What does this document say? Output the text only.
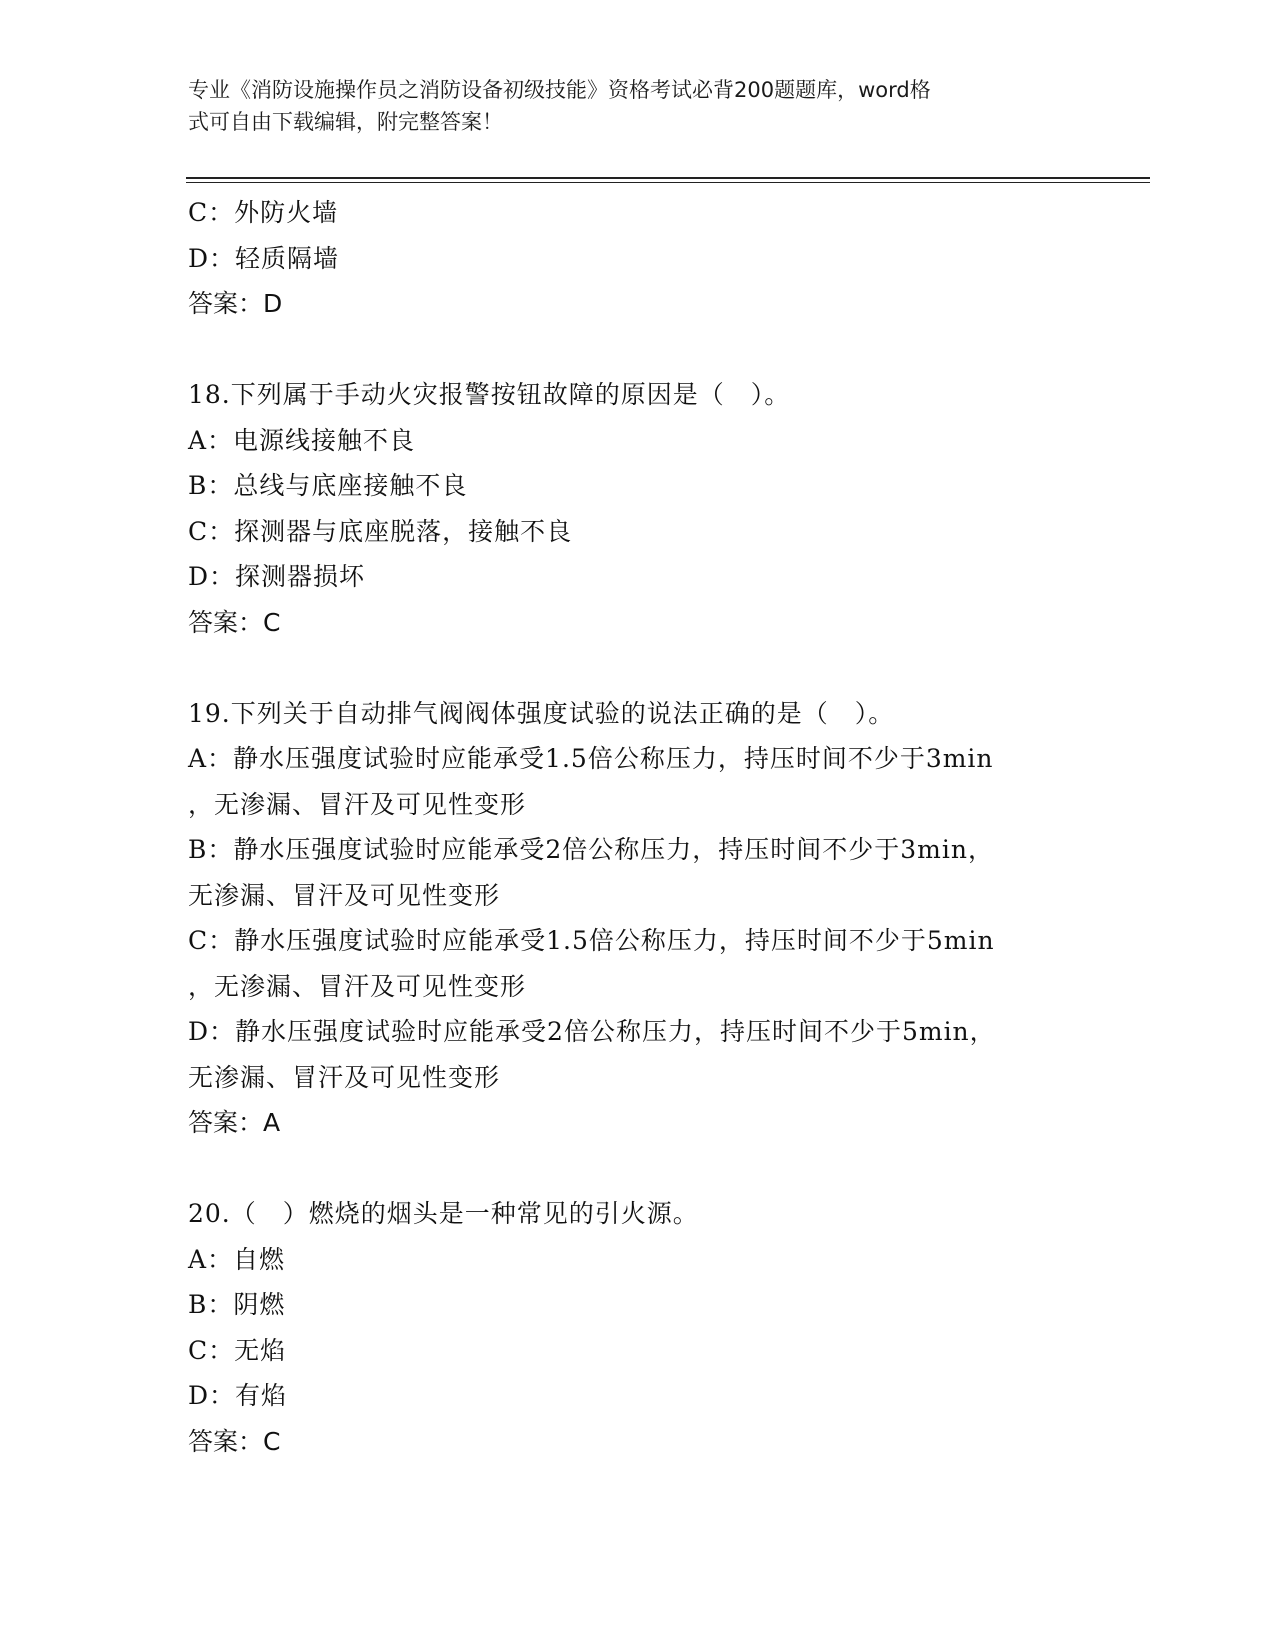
专业《消防设施操作员之消防设备初级技能》资格考试必背200题题库，word格
式可自由下载编辑，附完整答案！
C：外防火墙
D：轻质隔墙
答案：D
18.下列属于手动火灾报警按钮故障的原因是（　）。
A：电源线接触不良
B：总线与底座接触不良
C：探测器与底座脱落，接触不良
D：探测器损坏
答案：C
19.下列关于自动排气阀阀体强度试验的说法正确的是（　）。
A：静水压强度试验时应能承受1.5倍公称压力，持压时间不少于3min
，无渗漏、冒汗及可见性变形
B：静水压强度试验时应能承受2倍公称压力，持压时间不少于3min，
无渗漏、冒汗及可见性变形
C：静水压强度试验时应能承受1.5倍公称压力，持压时间不少于5min
，无渗漏、冒汗及可见性变形
D：静水压强度试验时应能承受2倍公称压力，持压时间不少于5min，
无渗漏、冒汗及可见性变形
答案：A
20.（　）燃烧的烟头是一种常见的引火源。
A：自燃
B：阴燃
C：无焰
D：有焰
答案：C
